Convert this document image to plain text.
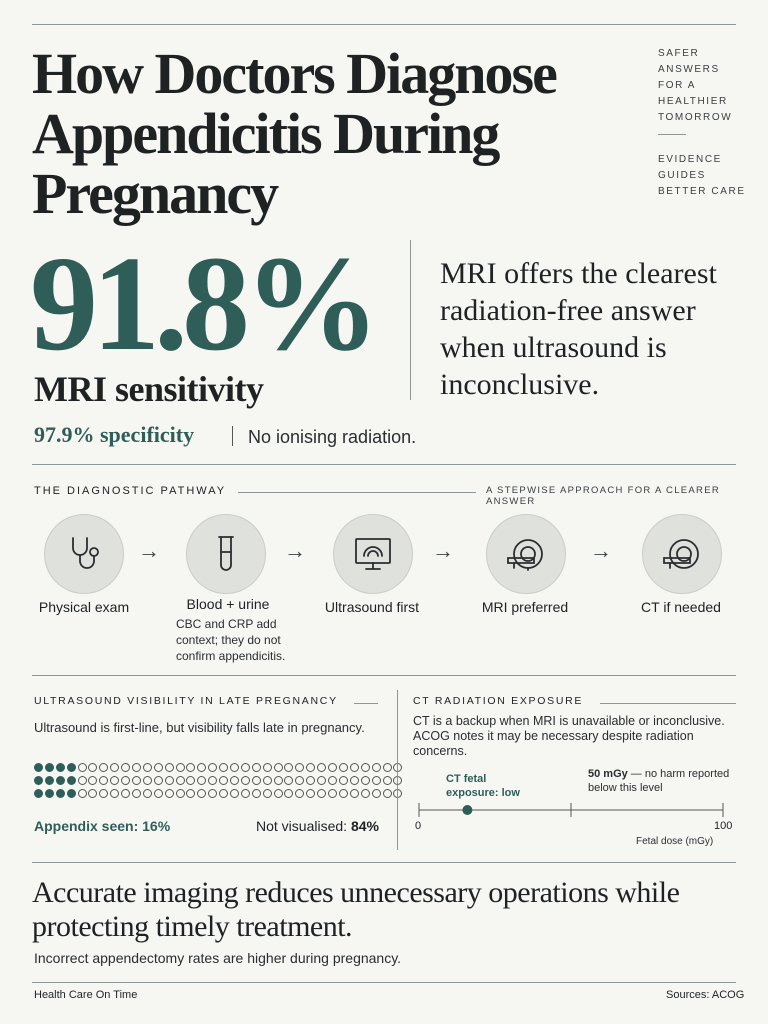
How Doctors Diagnose Appendicitis During Pregnancy
SAFER
ANSWERS
FOR A
HEALTHIER
TOMORROW
EVIDENCE
GUIDES
BETTER CARE
91.8%
MRI sensitivity
97.9% specificity	No ionising radiation.
MRI offers the clearest radiation-free answer when ultrasound is inconclusive.
THE DIAGNOSTIC PATHWAY	A STEPWISE APPROACH FOR A CLEARER ANSWER
→	→	→	→
Physical exam	Blood + urine
CBC and CRP add context; they do not confirm appendicitis.
Ultrasound first	MRI preferred	CT if needed
ULTRASOUND VISIBILITY IN LATE PREGNANCY
Ultrasound is first-line, but visibility falls late in pregnancy.
Appendix seen: 16%	Not visualised: 84%
CT RADIATION EXPOSURE
CT is a backup when MRI is unavailable or inconclusive. ACOG notes it may be necessary despite radiation concerns.
CT fetal exposure: low
50 mGy — no harm reported below this level
0	100
Fetal dose (mGy)
Accurate imaging reduces unnecessary operations while protecting timely treatment.
Incorrect appendectomy rates are higher during pregnancy.
Health Care On Time	Sources: ACOG
